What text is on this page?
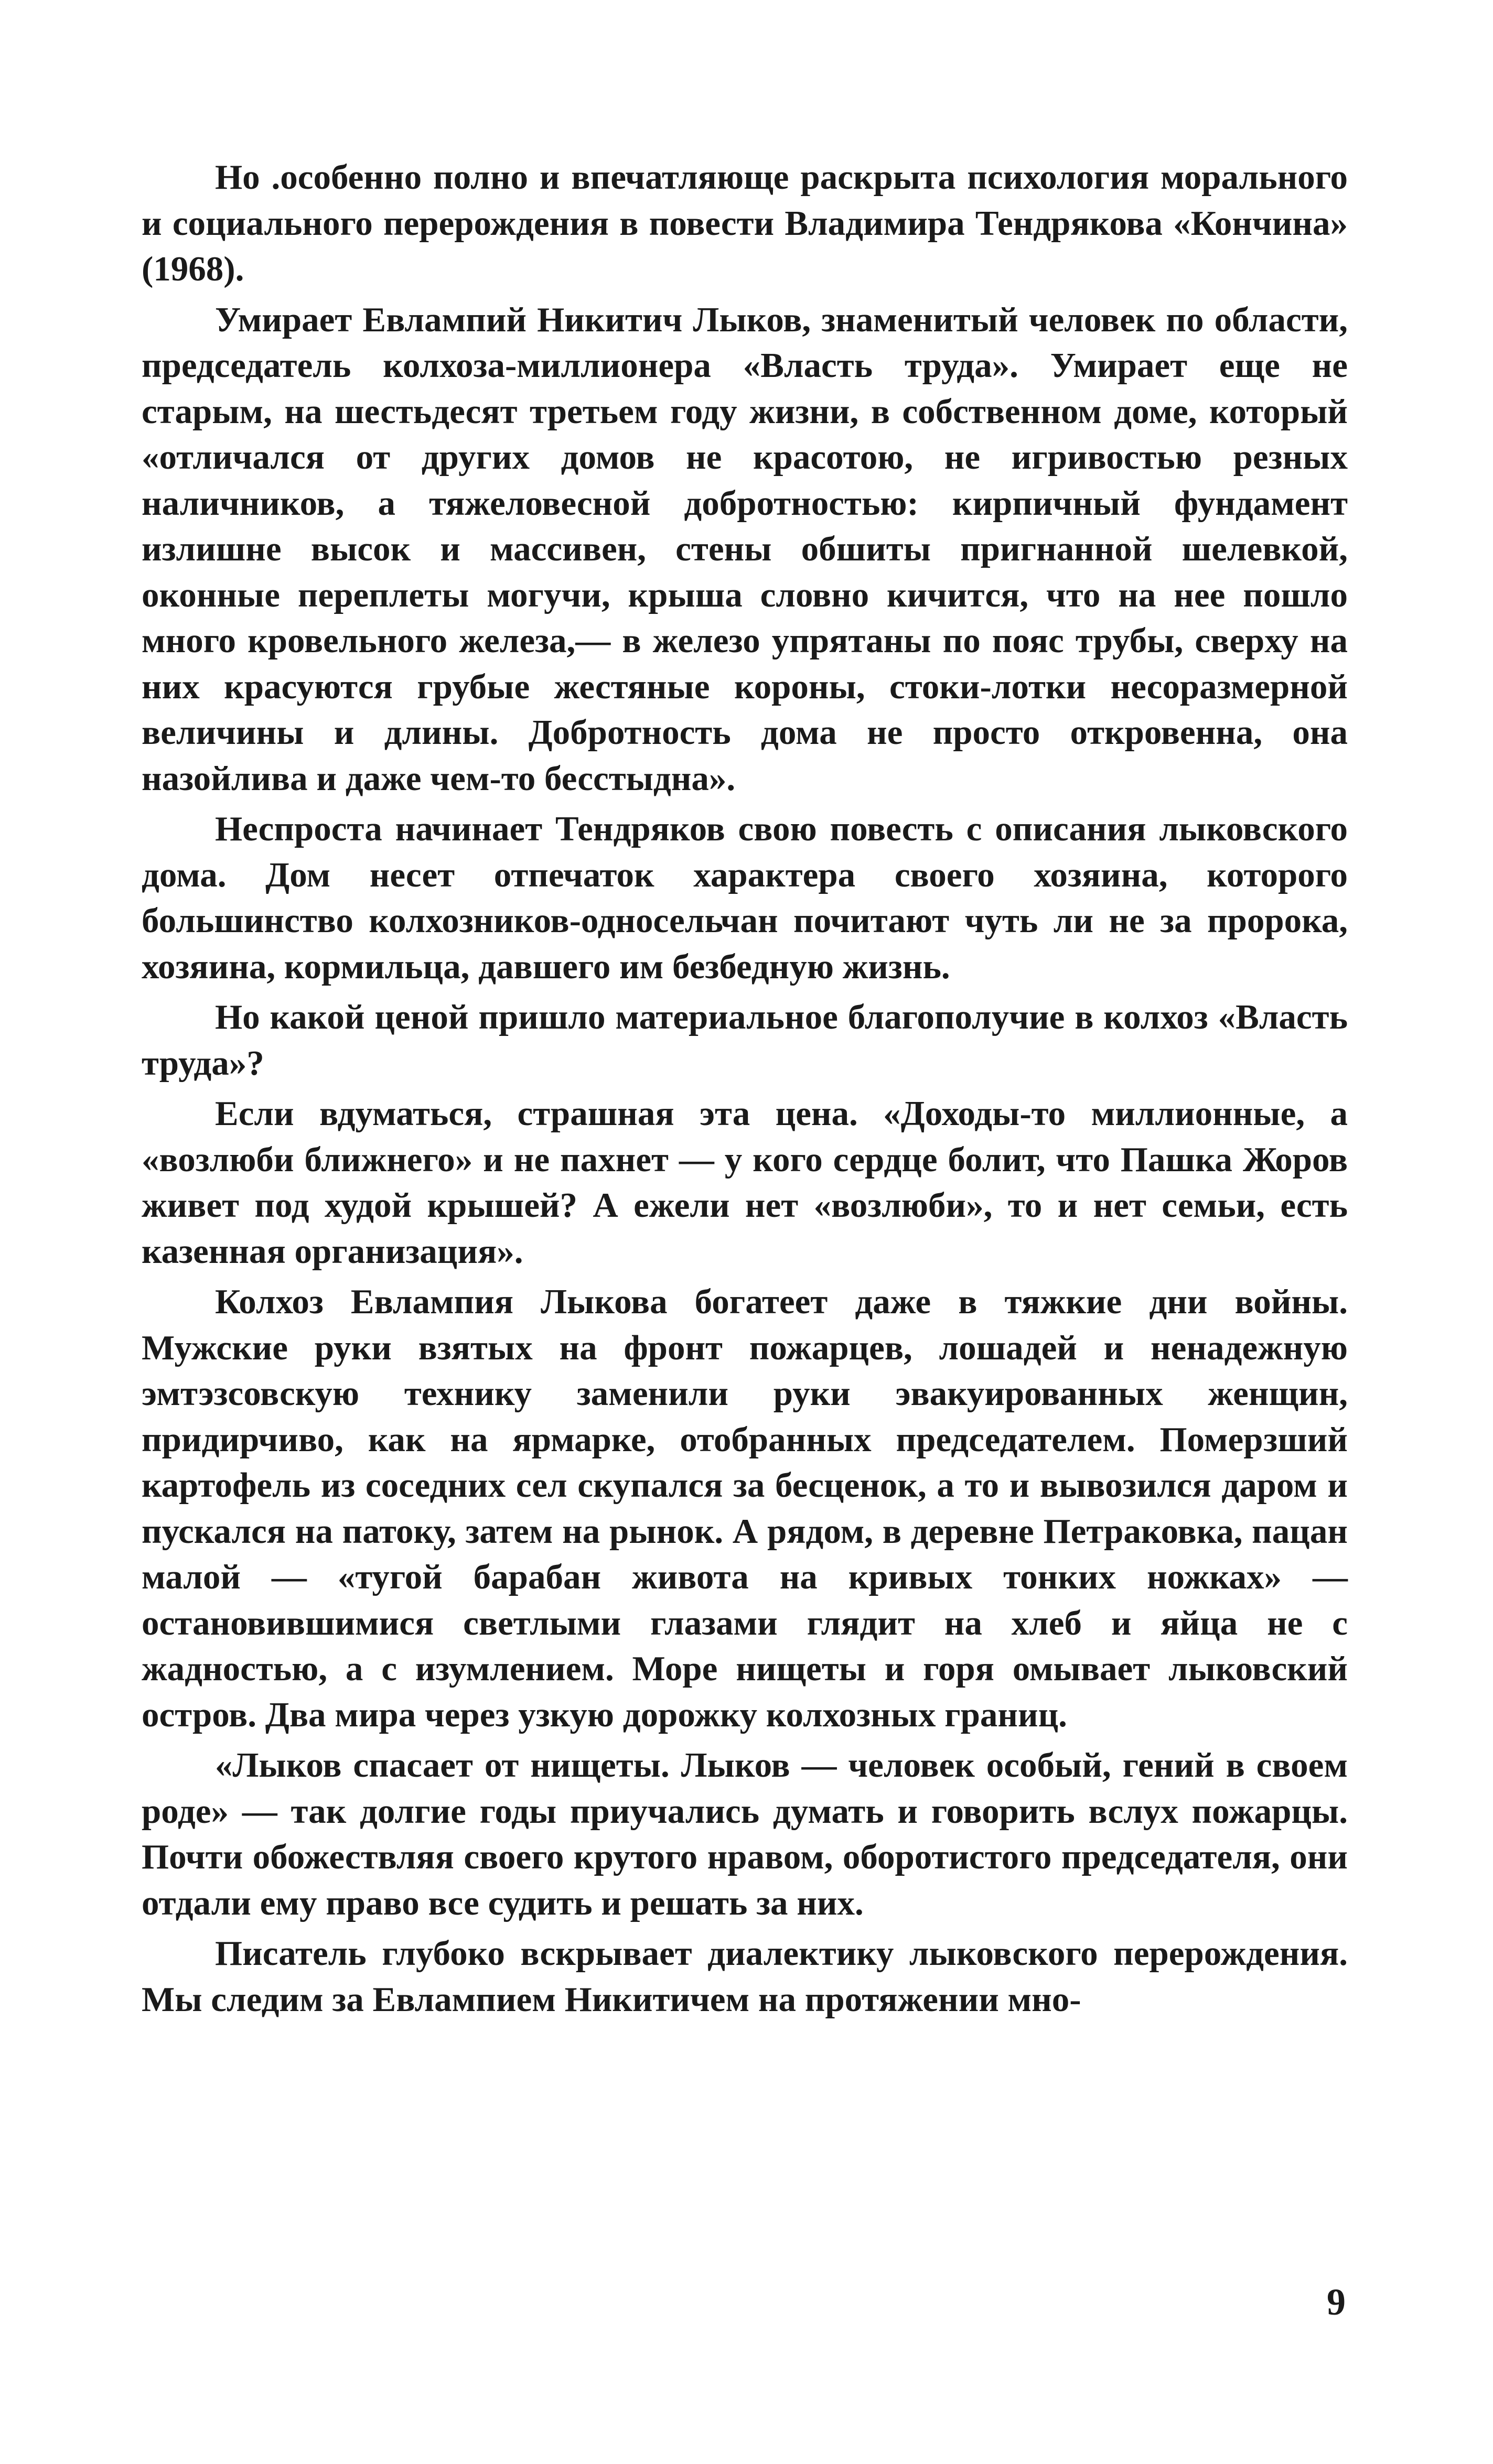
Но .особенно полно и впечатляюще раскрыта психология морального и социального перерождения в повести Владимира Тендрякова «Кончина» (1968).

Умирает Евлампий Никитич Лыков, знаменитый человек по области, председатель колхоза-миллионера «Власть труда». Умирает еще не старым, на шестьдесят третьем году жизни, в собственном доме, который «отличался от других домов не красотою, не игривостью резных наличников, а тяжеловесной добротностью: кирпичный фундамент излишне высок и массивен, стены обшиты пригнанной шелевкой, оконные переплеты могучи, крыша словно кичится, что на нее пошло много кровельного железа,— в железо упрятаны по пояс трубы, сверху на них красуются грубые жестяные короны, стоки-лотки несоразмерной величины и длины. Добротность дома не просто откровенна, она назойлива и даже чем-то бесстыдна».

Неспроста начинает Тендряков свою повесть с описания лыковского дома. Дом несет отпечаток характера своего хозяина, которого большинство колхозников-односельчан почитают чуть ли не за пророка, хозяина, кормильца, давшего им безбедную жизнь.

Но какой ценой пришло материальное благополучие в колхоз «Власть труда»?

Если вдуматься, страшная эта цена. «Доходы-то миллионные, а «возлюби ближнего» и не пахнет — у кого сердце болит, что Пашка Жоров живет под худой крышей? А ежели нет «возлюби», то и нет семьи, есть казенная организация».

Колхоз Евлампия Лыкова богатеет даже в тяжкие дни войны. Мужские руки взятых на фронт пожарцев, лошадей и ненадежную эмтэзсовскую технику заменили руки эвакуированных женщин, придирчиво, как на ярмарке, отобранных председателем. Померзший картофель из соседних сел скупался за бесценок, а то и вывозился даром и пускался на патоку, затем на рынок. А рядом, в деревне Петраковка, пацан малой — «тугой барабан живота на кривых тонких ножках» — остановившимися светлыми глазами глядит на хлеб и яйца не с жадностью, а с изумлением. Море нищеты и горя омывает лыковский остров. Два мира через узкую дорожку колхозных границ.

«Лыков спасает от нищеты. Лыков — человек особый, гений в своем роде» — так долгие годы приучались думать и говорить вслух пожарцы. Почти обожествляя своего крутого нравом, оборотистого председателя, они отдали ему право все судить и решать за них.

Писатель глубоко вскрывает диалектику лыковского перерождения. Мы следим за Евлампием Никитичем на протяжении мно-

9
